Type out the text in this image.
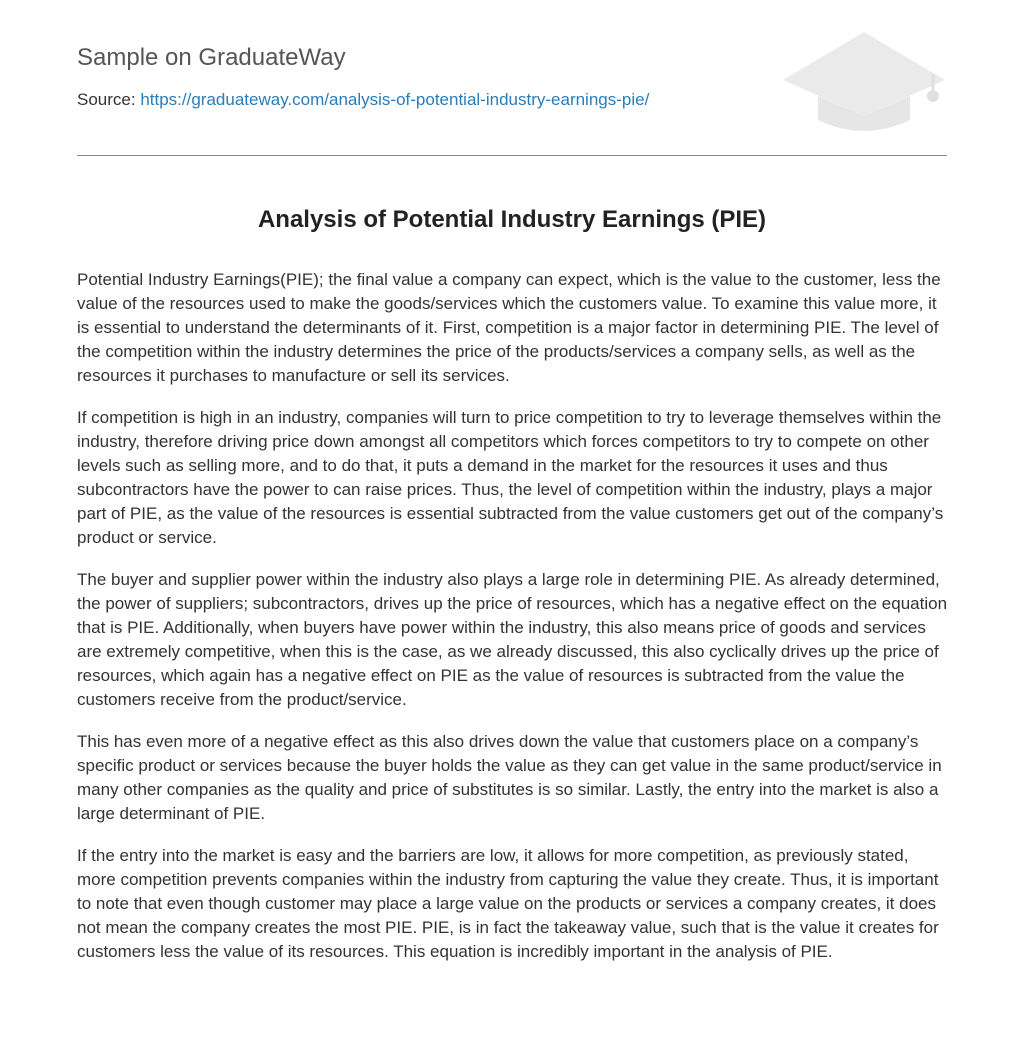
Sample on GraduateWay
Source: https://graduateway.com/analysis-of-potential-industry-earnings-pie/
Analysis of Potential Industry Earnings (PIE)

Potential Industry Earnings(PIE); the final value a company can expect, which is the value to the customer, less the value of the resources used to make the goods/services which the customers value. To examine this value more, it is essential to understand the determinants of it. First, competition is a major factor in determining PIE. The level of the competition within the industry determines the price of the products/services a company sells, as well as the resources it purchases to manufacture or sell its services.

If competition is high in an industry, companies will turn to price competition to try to leverage themselves within the industry, therefore driving price down amongst all competitors which forces competitors to try to compete on other levels such as selling more, and to do that, it puts a demand in the market for the resources it uses and thus subcontractors have the power to can raise prices. Thus, the level of competition within the industry, plays a major part of PIE, as the value of the resources is essential subtracted from the value customers get out of the company’s product or service.

The buyer and supplier power within the industry also plays a large role in determining PIE. As already determined, the power of suppliers; subcontractors, drives up the price of resources, which has a negative effect on the equation that is PIE. Additionally, when buyers have power within the industry, this also means price of goods and services are extremely competitive, when this is the case, as we already discussed, this also cyclically drives up the price of resources, which again has a negative effect on PIE as the value of resources is subtracted from the value the customers receive from the product/service.

This has even more of a negative effect as this also drives down the value that customers place on a company’s specific product or services because the buyer holds the value as they can get value in the same product/service in many other companies as the quality and price of substitutes is so similar. Lastly, the entry into the market is also a large determinant of PIE.

If the entry into the market is easy and the barriers are low, it allows for more competition, as previously stated, more competition prevents companies within the industry from capturing the value they create. Thus, it is important to note that even though customer may place a large value on the products or services a company creates, it does not mean the company creates the most PIE. PIE, is in fact the takeaway value, such that is the value it creates for customers less the value of its resources. This equation is incredibly important in the analysis of PIE.
